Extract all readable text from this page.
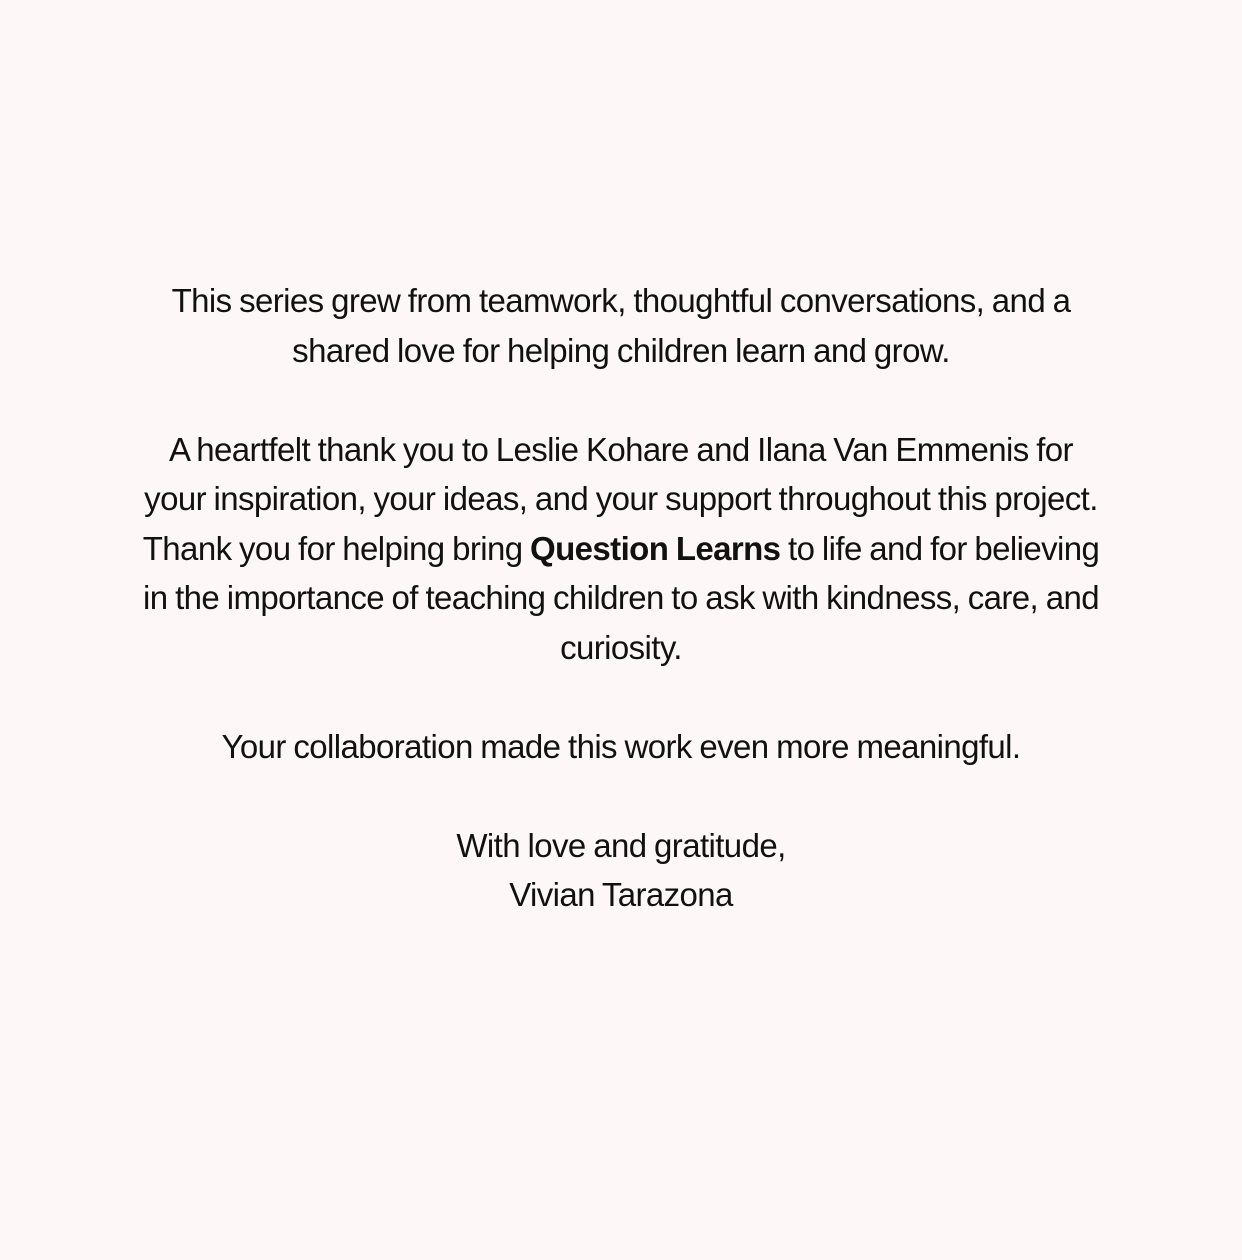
This series grew from teamwork, thoughtful conversations, and a shared love for helping children learn and grow.

A heartfelt thank you to Leslie Kohare and Ilana Van Emmenis for your inspiration, your ideas, and your support throughout this project. Thank you for helping bring Question Learns to life and for believing in the importance of teaching children to ask with kindness, care, and curiosity.

Your collaboration made this work even more meaningful.

With love and gratitude,

Vivian Tarazona
